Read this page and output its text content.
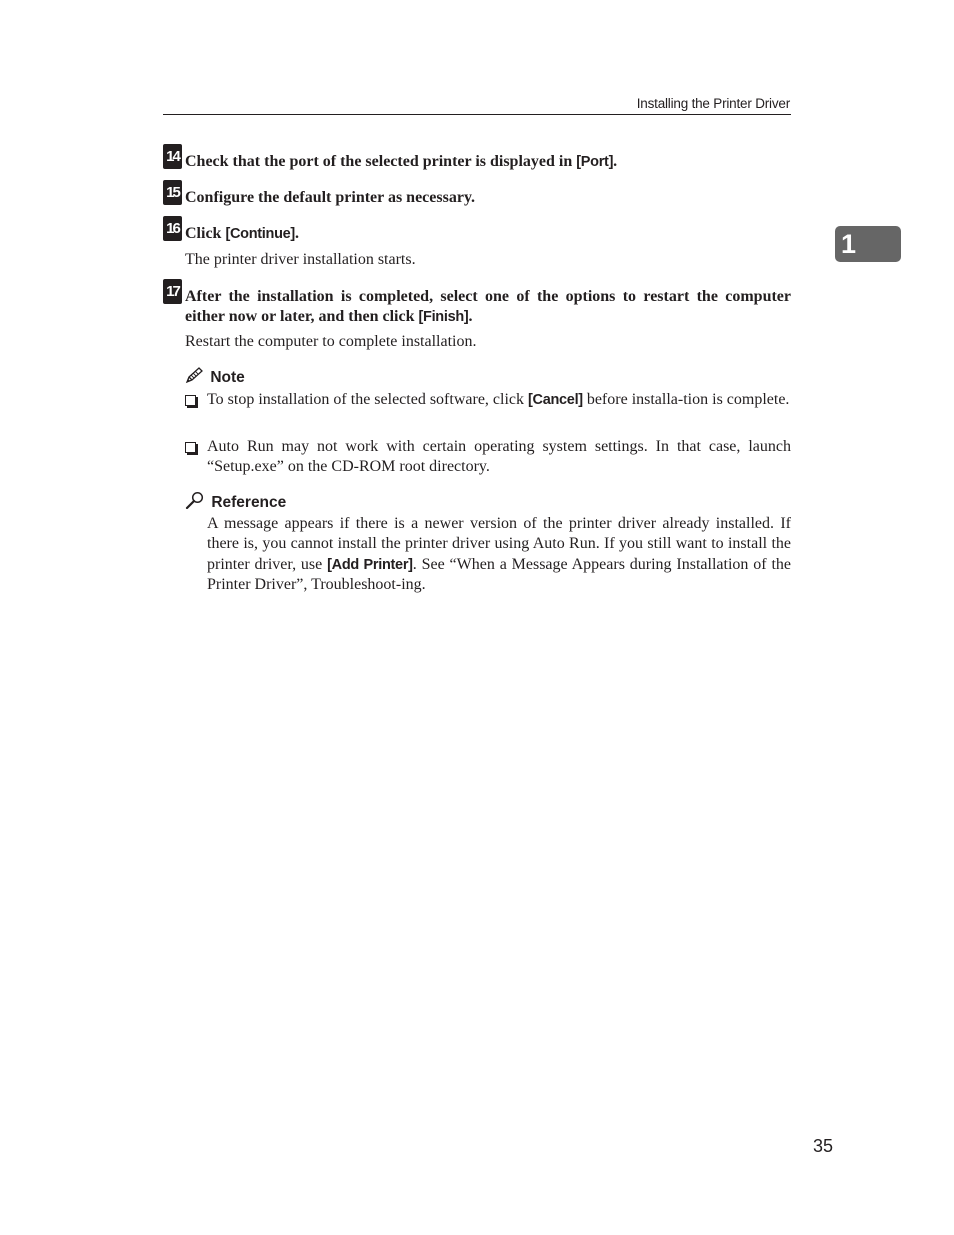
Installing the Printer Driver
1
14 Check that the port of the selected printer is displayed in [Port].
15 Configure the default printer as necessary.
16 Click [Continue].
The printer driver installation starts.
17 After the installation is completed, select one of the options to restart the computer either now or later, and then click [Finish].
Restart the computer to complete installation.
Note
To stop installation of the selected software, click [Cancel] before installa-tion is complete.
Auto Run may not work with certain operating system settings. In that case, launch “Setup.exe” on the CD-ROM root directory.
Reference
A message appears if there is a newer version of the printer driver already installed. If there is, you cannot install the printer driver using Auto Run. If you still want to install the printer driver, use [Add Printer]. See “When a Message Appears during Installation of the Printer Driver”, Troubleshoot-ing.
35
